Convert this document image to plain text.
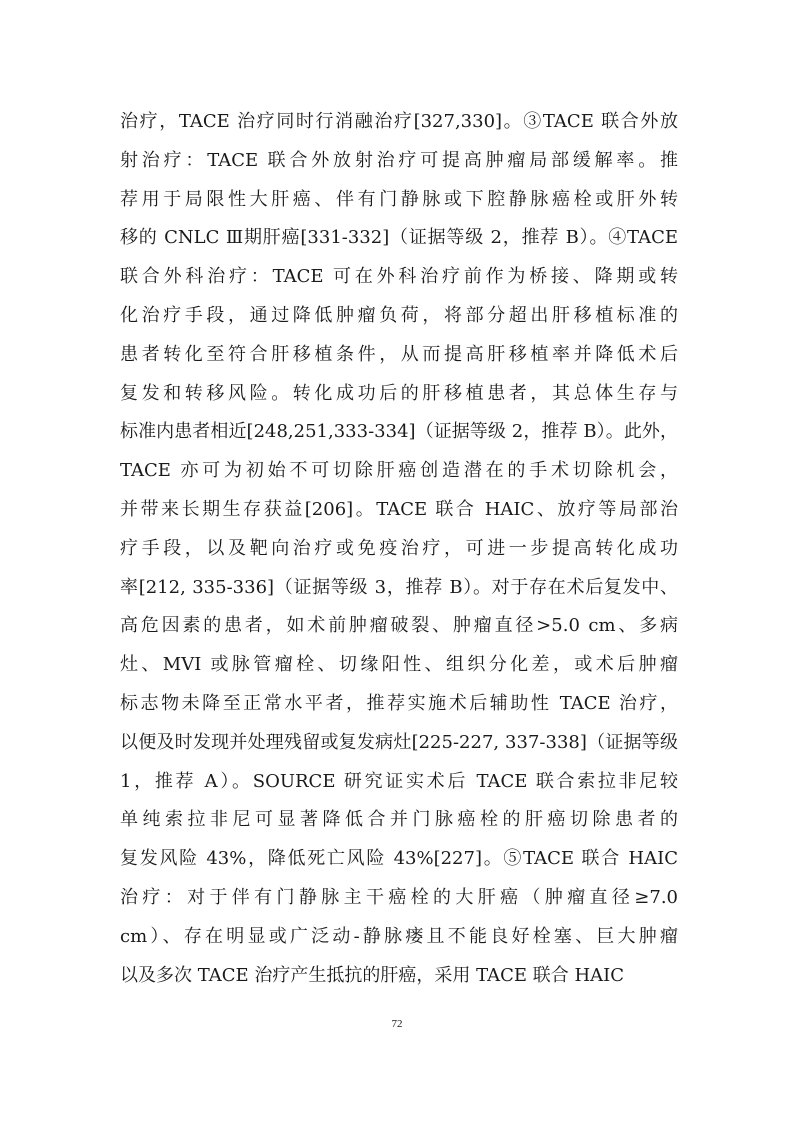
治疗，TACE 治疗同时行消融治疗[327,330]。③TACE 联合外放
射治疗：TACE 联合外放射治疗可提高肿瘤局部缓解率。推
荐用于局限性大肝癌、伴有门静脉或下腔静脉癌栓或肝外转
移的 CNLC Ⅲ期肝癌[331-332]（证据等级 2，推荐 B）。④TACE
联合外科治疗：TACE 可在外科治疗前作为桥接、降期或转
化治疗手段，通过降低肿瘤负荷，将部分超出肝移植标准的
患者转化至符合肝移植条件，从而提高肝移植率并降低术后
复发和转移风险。转化成功后的肝移植患者，其总体生存与
标准内患者相近[248,251,333-334]（证据等级 2，推荐 B）。此外，
TACE 亦可为初始不可切除肝癌创造潜在的手术切除机会，
并带来长期生存获益[206]。TACE 联合 HAIC、放疗等局部治
疗手段，以及靶向治疗或免疫治疗，可进一步提高转化成功
率[212, 335-336]（证据等级 3，推荐 B）。对于存在术后复发中、
高危因素的患者，如术前肿瘤破裂、肿瘤直径>5.0 cm、多病
灶、MVI 或脉管瘤栓、切缘阳性、组织分化差，或术后肿瘤
标志物未降至正常水平者，推荐实施术后辅助性 TACE 治疗，
以便及时发现并处理残留或复发病灶[225-227, 337-338]（证据等级
1，推荐 A）。SOURCE 研究证实术后 TACE 联合索拉非尼较
单纯索拉非尼可显著降低合并门脉癌栓的肝癌切除患者的
复发风险 43%，降低死亡风险 43%[227]。⑤TACE 联合 HAIC
治疗：对于伴有门静脉主干癌栓的大肝癌（肿瘤直径≥7.0
cm）、存在明显或广泛动-静脉瘘且不能良好栓塞、巨大肿瘤
以及多次 TACE 治疗产生抵抗的肝癌，采用 TACE 联合 HAIC
72
